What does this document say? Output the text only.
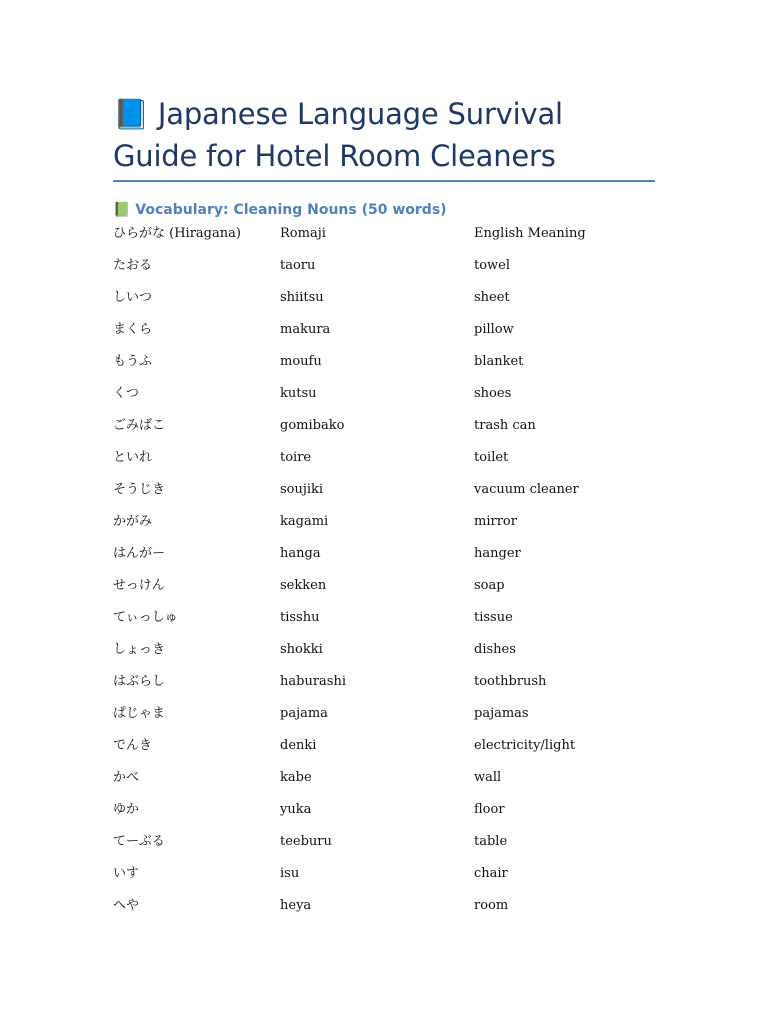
📘 Japanese Language Survival Guide for Hotel Room Cleaners
📗 Vocabulary: Cleaning Nouns (50 words)
ひらがな (Hiragana)	Romaji	English Meaning
たおる	taoru	towel
しいつ	shiitsu	sheet
まくら	makura	pillow
もうふ	moufu	blanket
くつ	kutsu	shoes
ごみばこ	gomibako	trash can
といれ	toire	toilet
そうじき	soujiki	vacuum cleaner
かがみ	kagami	mirror
はんがー	hanga	hanger
せっけん	sekken	soap
てぃっしゅ	tisshu	tissue
しょっき	shokki	dishes
はぶらし	haburashi	toothbrush
ぱじゃま	pajama	pajamas
でんき	denki	electricity/light
かべ	kabe	wall
ゆか	yuka	floor
てーぶる	teeburu	table
いす	isu	chair
へや	heya	room
